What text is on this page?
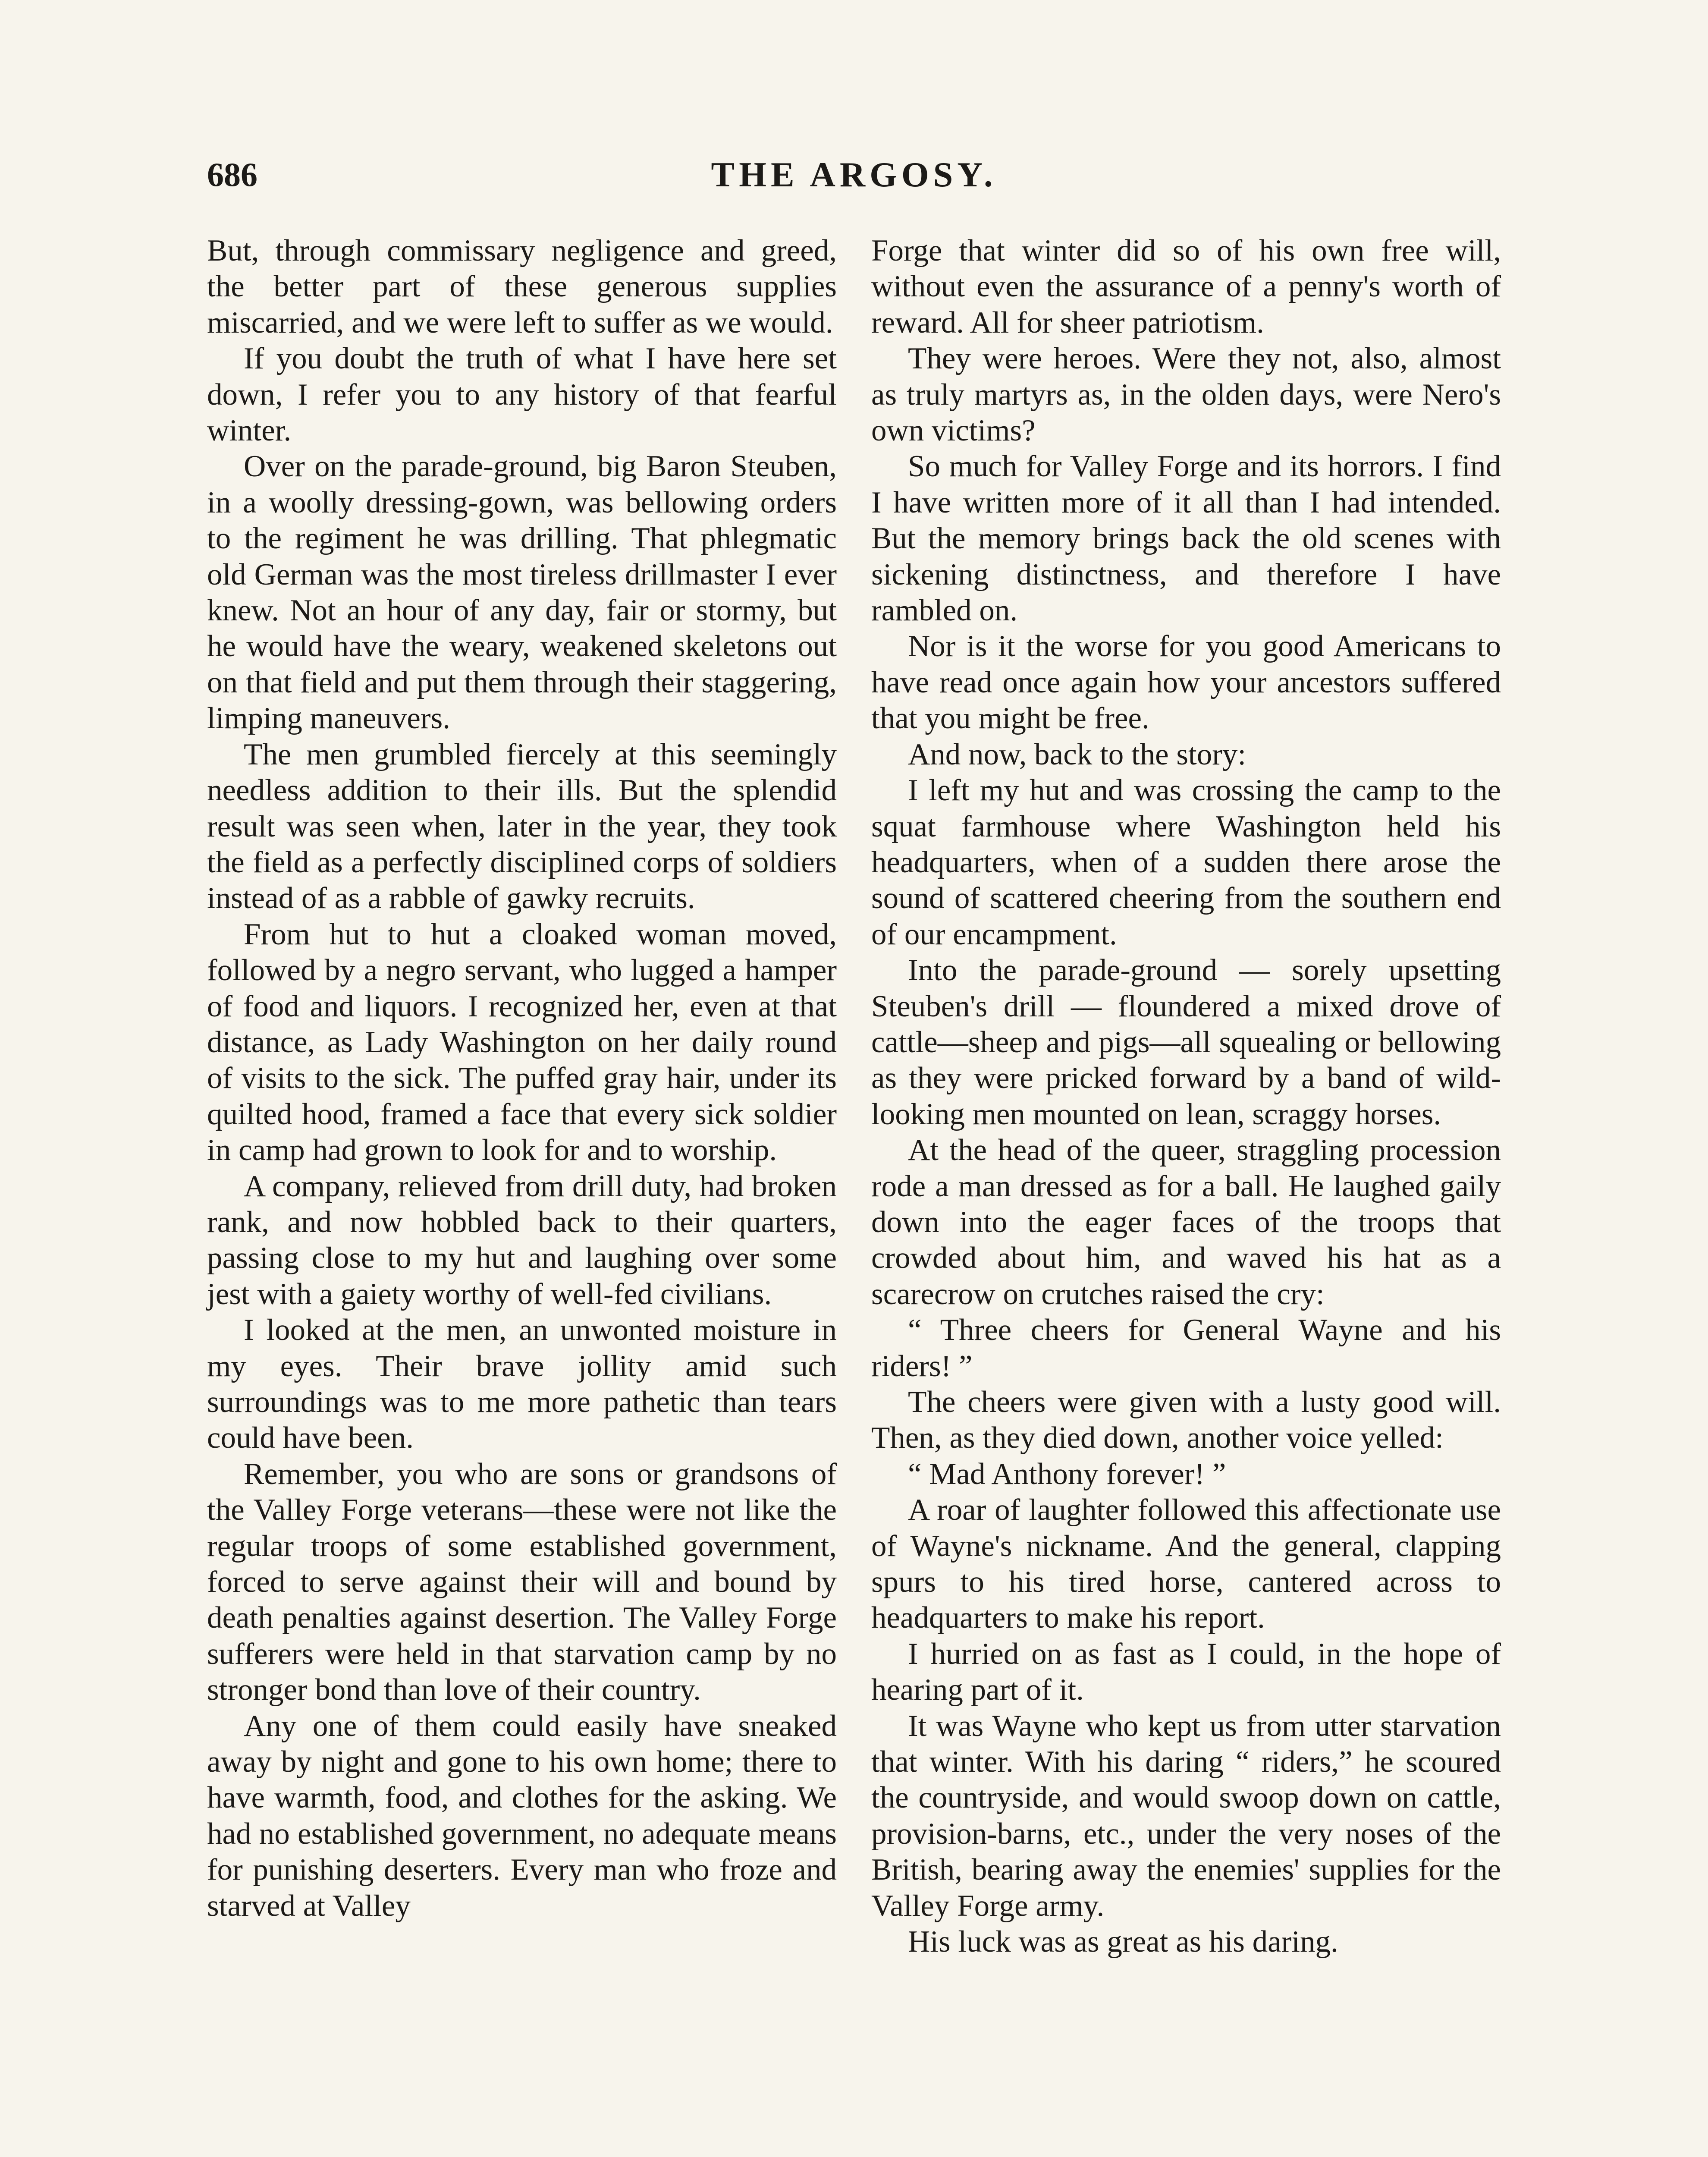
686	THE ARGOSY.

But, through commissary negligence and greed, the better part of these generous supplies miscarried, and we were left to suffer as we would.

If you doubt the truth of what I have here set down, I refer you to any history of that fearful winter.

Over on the parade-ground, big Baron Steuben, in a woolly dressing-gown, was bellowing orders to the regiment he was drilling. That phlegmatic old German was the most tireless drillmaster I ever knew. Not an hour of any day, fair or stormy, but he would have the weary, weakened skeletons out on that field and put them through their staggering, limping maneuvers.

The men grumbled fiercely at this seemingly needless addition to their ills. But the splendid result was seen when, later in the year, they took the field as a perfectly disciplined corps of soldiers instead of as a rabble of gawky recruits.

From hut to hut a cloaked woman moved, followed by a negro servant, who lugged a hamper of food and liquors. I recognized her, even at that distance, as Lady Washington on her daily round of visits to the sick. The puffed gray hair, under its quilted hood, framed a face that every sick soldier in camp had grown to look for and to worship.

A company, relieved from drill duty, had broken rank, and now hobbled back to their quarters, passing close to my hut and laughing over some jest with a gaiety worthy of well-fed civilians.

I looked at the men, an unwonted moisture in my eyes. Their brave jollity amid such surroundings was to me more pathetic than tears could have been.

Remember, you who are sons or grandsons of the Valley Forge veterans—these were not like the regular troops of some established government, forced to serve against their will and bound by death penalties against desertion. The Valley Forge sufferers were held in that starvation camp by no stronger bond than love of their country.

Any one of them could easily have sneaked away by night and gone to his own home; there to have warmth, food, and clothes for the asking. We had no established government, no adequate means for punishing deserters. Every man who froze and starved at Valley

Forge that winter did so of his own free will, without even the assurance of a penny's worth of reward. All for sheer patriotism.

They were heroes. Were they not, also, almost as truly martyrs as, in the olden days, were Nero's own victims?

So much for Valley Forge and its horrors. I find I have written more of it all than I had intended. But the memory brings back the old scenes with sickening distinctness, and therefore I have rambled on.

Nor is it the worse for you good Americans to have read once again how your ancestors suffered that you might be free.

And now, back to the story:

I left my hut and was crossing the camp to the squat farmhouse where Washington held his headquarters, when of a sudden there arose the sound of scattered cheering from the southern end of our encampment.

Into the parade-ground — sorely upsetting Steuben's drill — floundered a mixed drove of cattle—sheep and pigs—all squealing or bellowing as they were pricked forward by a band of wild-looking men mounted on lean, scraggy horses.

At the head of the queer, straggling procession rode a man dressed as for a ball. He laughed gaily down into the eager faces of the troops that crowded about him, and waved his hat as a scarecrow on crutches raised the cry:

“ Three cheers for General Wayne and his riders! ”

The cheers were given with a lusty good will. Then, as they died down, another voice yelled:

“ Mad Anthony forever! ”

A roar of laughter followed this affectionate use of Wayne's nickname. And the general, clapping spurs to his tired horse, cantered across to headquarters to make his report.

I hurried on as fast as I could, in the hope of hearing part of it.

It was Wayne who kept us from utter starvation that winter. With his daring “ riders,” he scoured the countryside, and would swoop down on cattle, provision-barns, etc., under the very noses of the British, bearing away the enemies' supplies for the Valley Forge army.

His luck was as great as his daring.
